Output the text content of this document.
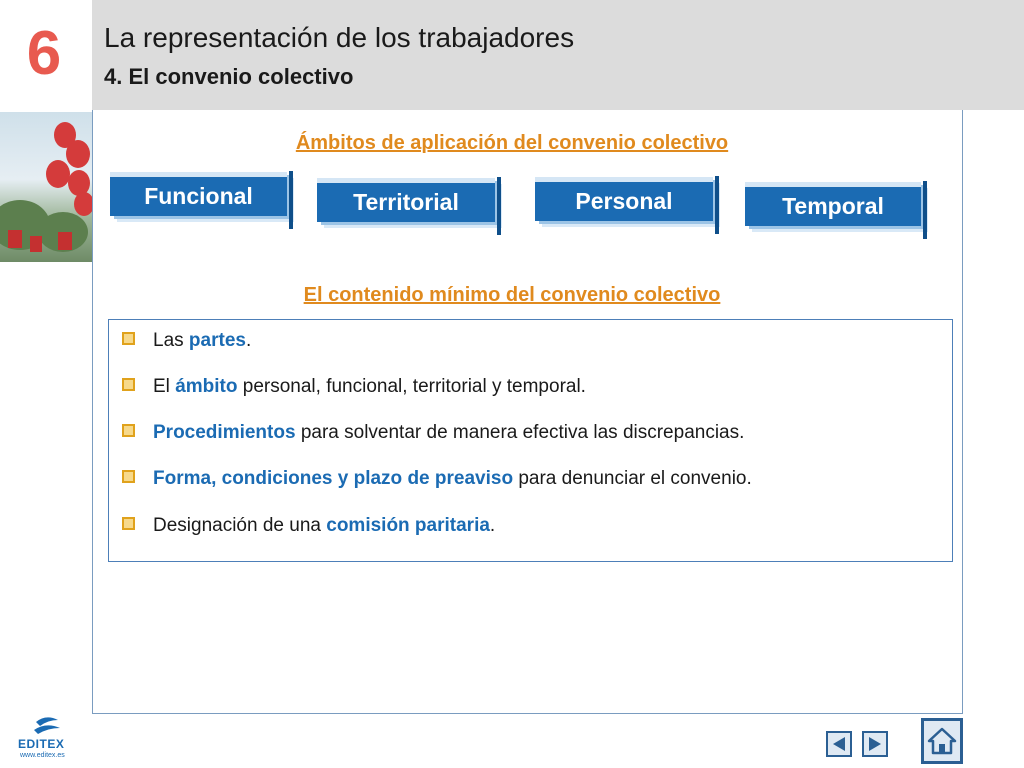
6	La representación de los trabajadores
4. El convenio colectivo
Ámbitos de aplicación del convenio colectivo
Funcional	Territorial	Personal	Temporal
El contenido mínimo del convenio colectivo
Las partes.
El ámbito personal, funcional, territorial y temporal.
Procedimientos para solventar de manera efectiva las discrepancias.
Forma, condiciones y plazo de preaviso para denunciar el convenio.
Designación de una comisión paritaria.
EDITEX
www.editex.es
